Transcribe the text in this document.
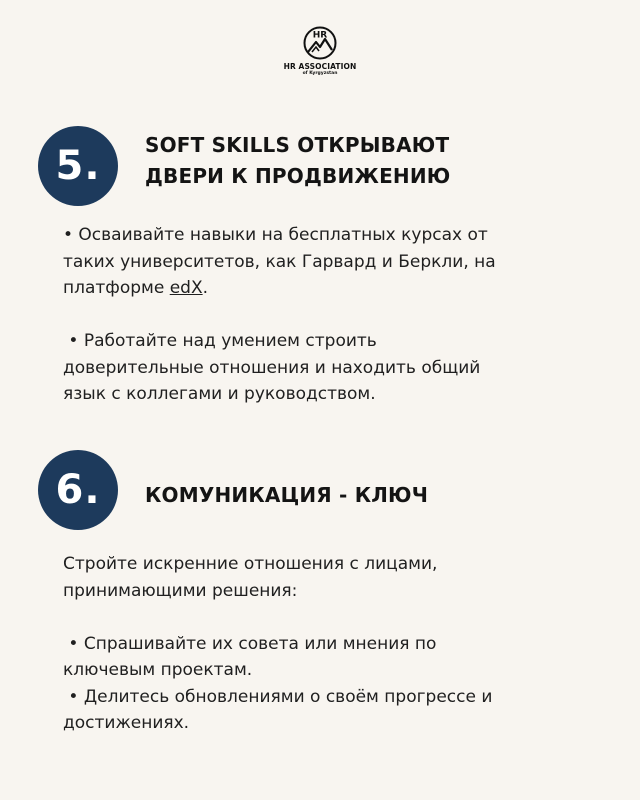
HR
HR ASSOCIATION
of Kyrgyzstan
5. SOFT SKILLS ОТКРЫВАЮТ
ДВЕРИ К ПРОДВИЖЕНИЮ

• Осваивайте навыки на бесплатных курсах от

таких университетов, как Гарвард и Беркли, на

платформе edX.

• Работайте над умением строить

доверительные отношения и находить общий

язык с коллегами и руководством.

6. КОМУНИКАЦИЯ - КЛЮЧ

Стройте искренние отношения с лицами,

принимающими решения:

• Спрашивайте их совета или мнения по

ключевым проектам.

• Делитесь обновлениями о своём прогрессе и

достижениях.
